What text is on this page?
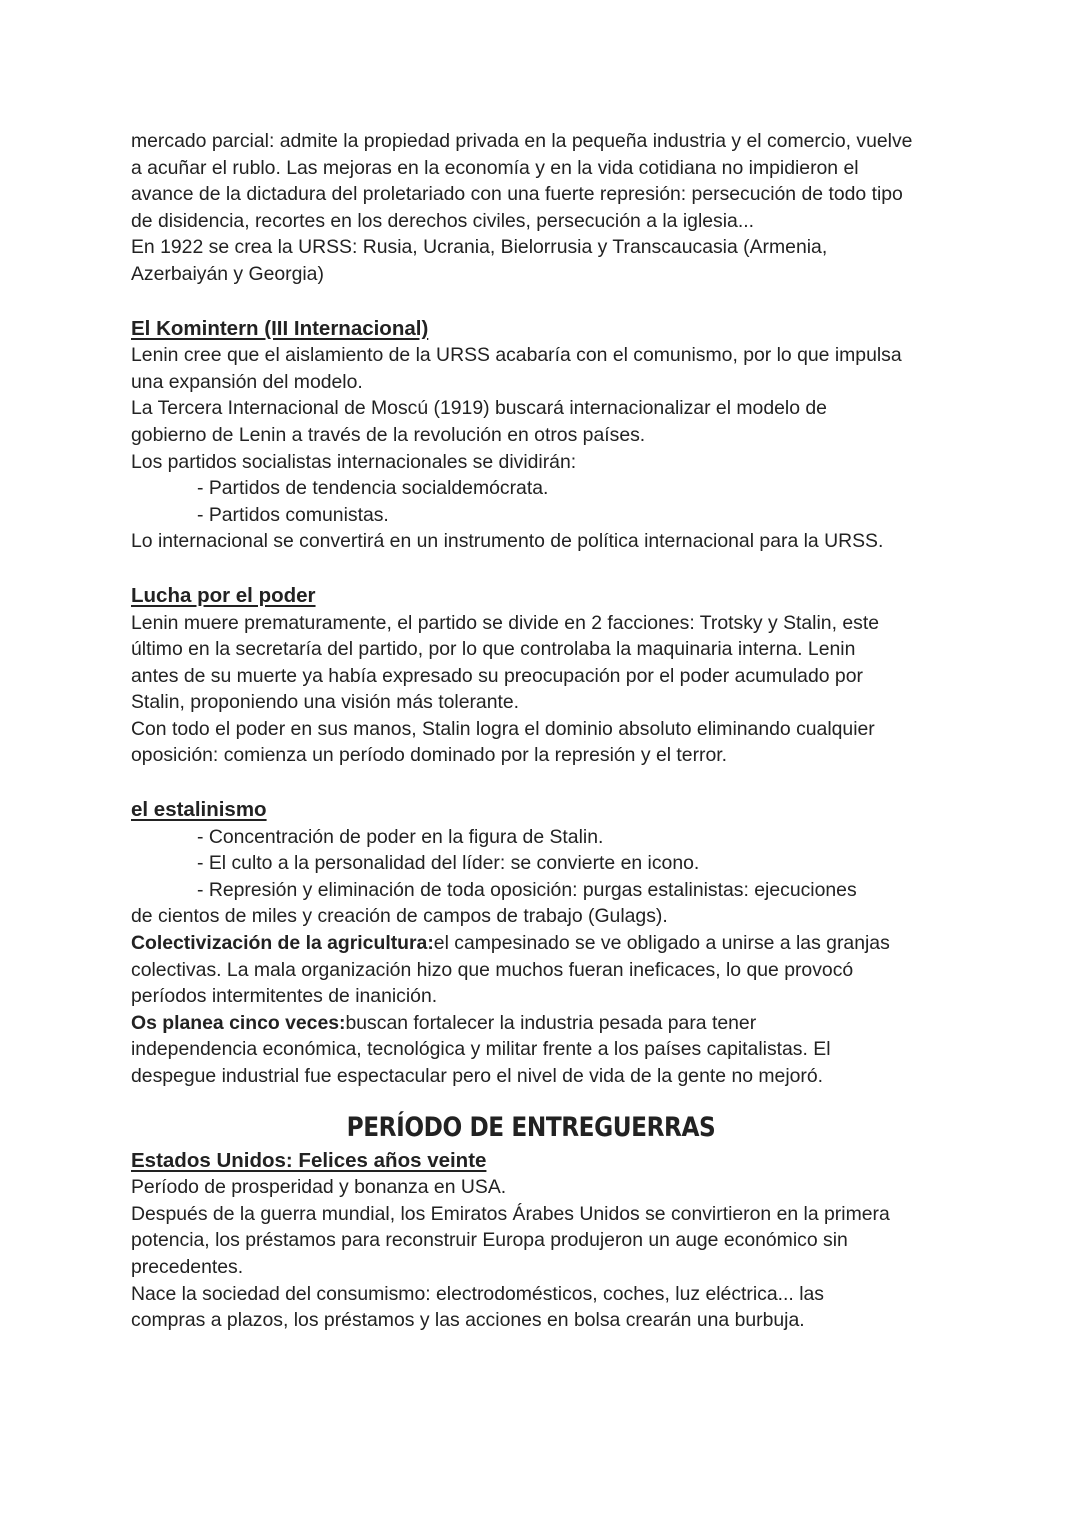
mercado parcial: admite la propiedad privada en la pequeña industria y el comercio, vuelve
a acuñar el rublo. Las mejoras en la economía y en la vida cotidiana no impidieron el
avance de la dictadura del proletariado con una fuerte represión: persecución de todo tipo
de disidencia, recortes en los derechos civiles, persecución a la iglesia...
En 1922 se crea la URSS: Rusia, Ucrania, Bielorrusia y Transcaucasia (Armenia,
Azerbaiyán y Georgia)
El Komintern (III Internacional)
Lenin cree que el aislamiento de la URSS acabaría con el comunismo, por lo que impulsa
una expansión del modelo.
La Tercera Internacional de Moscú (1919) buscará internacionalizar el modelo de
gobierno de Lenin a través de la revolución en otros países.
Los partidos socialistas internacionales se dividirán:
- Partidos de tendencia socialdemócrata.
- Partidos comunistas.
Lo internacional se convertirá en un instrumento de política internacional para la URSS.
Lucha por el poder
Lenin muere prematuramente, el partido se divide en 2 facciones: Trotsky y Stalin, este
último en la secretaría del partido, por lo que controlaba la maquinaria interna. Lenin
antes de su muerte ya había expresado su preocupación por el poder acumulado por
Stalin, proponiendo una visión más tolerante.
Con todo el poder en sus manos, Stalin logra el dominio absoluto eliminando cualquier
oposición: comienza un período dominado por la represión y el terror.
el estalinismo
- Concentración de poder en la figura de Stalin.
- El culto a la personalidad del líder: se convierte en icono.
- Represión y eliminación de toda oposición: purgas estalinistas: ejecuciones
de cientos de miles y creación de campos de trabajo (Gulags).
Colectivización de la agricultura:el campesinado se ve obligado a unirse a las granjas
colectivas. La mala organización hizo que muchos fueran ineficaces, lo que provocó
períodos intermitentes de inanición.
Os planea cinco veces:buscan fortalecer la industria pesada para tener
independencia económica, tecnológica y militar frente a los países capitalistas. El
despegue industrial fue espectacular pero el nivel de vida de la gente no mejoró.
PERÍODO DE ENTREGUERRAS
Estados Unidos: Felices años veinte
Período de prosperidad y bonanza en USA.
Después de la guerra mundial, los Emiratos Árabes Unidos se convirtieron en la primera
potencia, los préstamos para reconstruir Europa produjeron un auge económico sin
precedentes.
Nace la sociedad del consumismo: electrodomésticos, coches, luz eléctrica... las
compras a plazos, los préstamos y las acciones en bolsa crearán una burbuja.
